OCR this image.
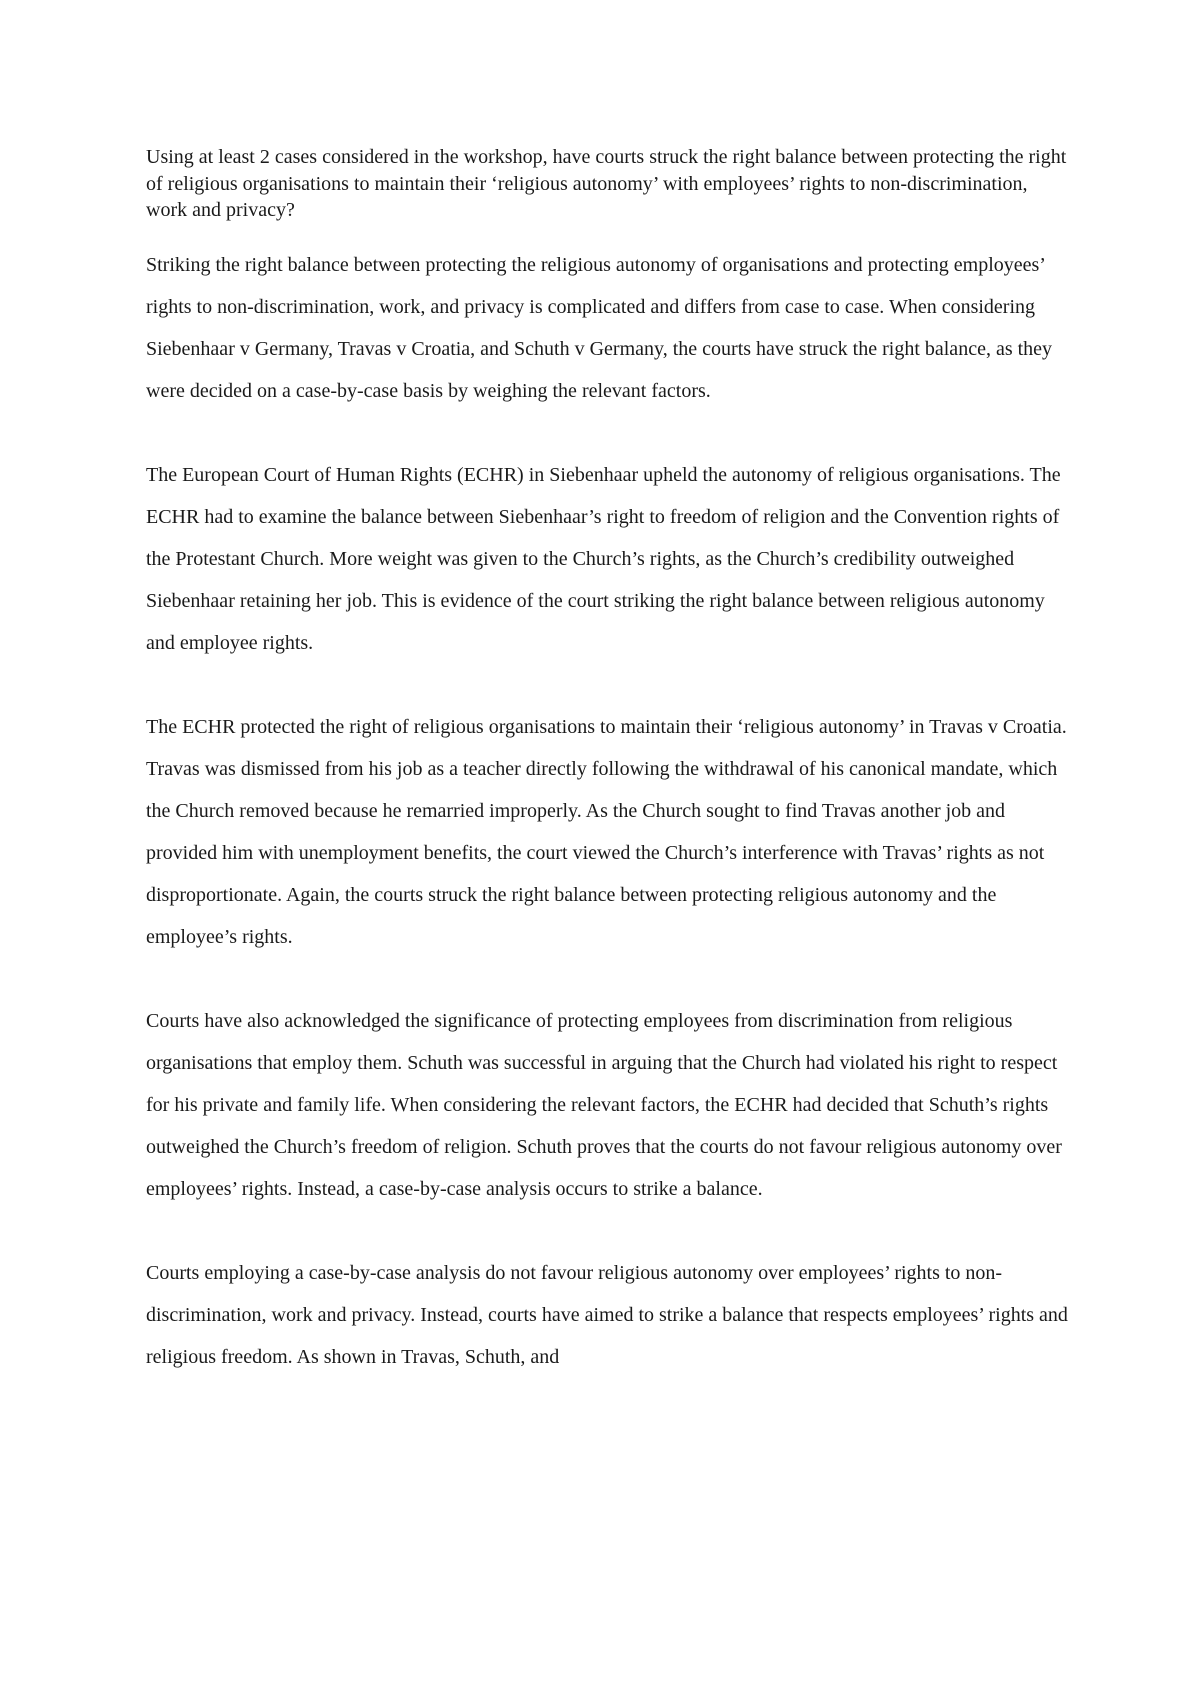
Using at least 2 cases considered in the workshop, have courts struck the right balance between protecting the right of religious organisations to maintain their ‘religious autonomy’ with employees’ rights to non-discrimination, work and privacy?

Striking the right balance between protecting the religious autonomy of organisations and protecting employees’ rights to non-discrimination, work, and privacy is complicated and differs from case to case. When considering Siebenhaar v Germany, Travas v Croatia, and Schuth v Germany, the courts have struck the right balance, as they were decided on a case-by-case basis by weighing the relevant factors.

The European Court of Human Rights (ECHR) in Siebenhaar upheld the autonomy of religious organisations. The ECHR had to examine the balance between Siebenhaar’s right to freedom of religion and the Convention rights of the Protestant Church. More weight was given to the Church’s rights, as the Church’s credibility outweighed Siebenhaar retaining her job. This is evidence of the court striking the right balance between religious autonomy and employee rights.

The ECHR protected the right of religious organisations to maintain their ‘religious autonomy’ in Travas v Croatia. Travas was dismissed from his job as a teacher directly following the withdrawal of his canonical mandate, which the Church removed because he remarried improperly. As the Church sought to find Travas another job and provided him with unemployment benefits, the court viewed the Church’s interference with Travas’ rights as not disproportionate. Again, the courts struck the right balance between protecting religious autonomy and the employee’s rights.

Courts have also acknowledged the significance of protecting employees from discrimination from religious organisations that employ them. Schuth was successful in arguing that the Church had violated his right to respect for his private and family life. When considering the relevant factors, the ECHR had decided that Schuth’s rights outweighed the Church’s freedom of religion. Schuth proves that the courts do not favour religious autonomy over employees’ rights. Instead, a case-by-case analysis occurs to strike a balance.

Courts employing a case-by-case analysis do not favour religious autonomy over employees’ rights to non-discrimination, work and privacy. Instead, courts have aimed to strike a balance that respects employees’ rights and religious freedom. As shown in Travas, Schuth, and
